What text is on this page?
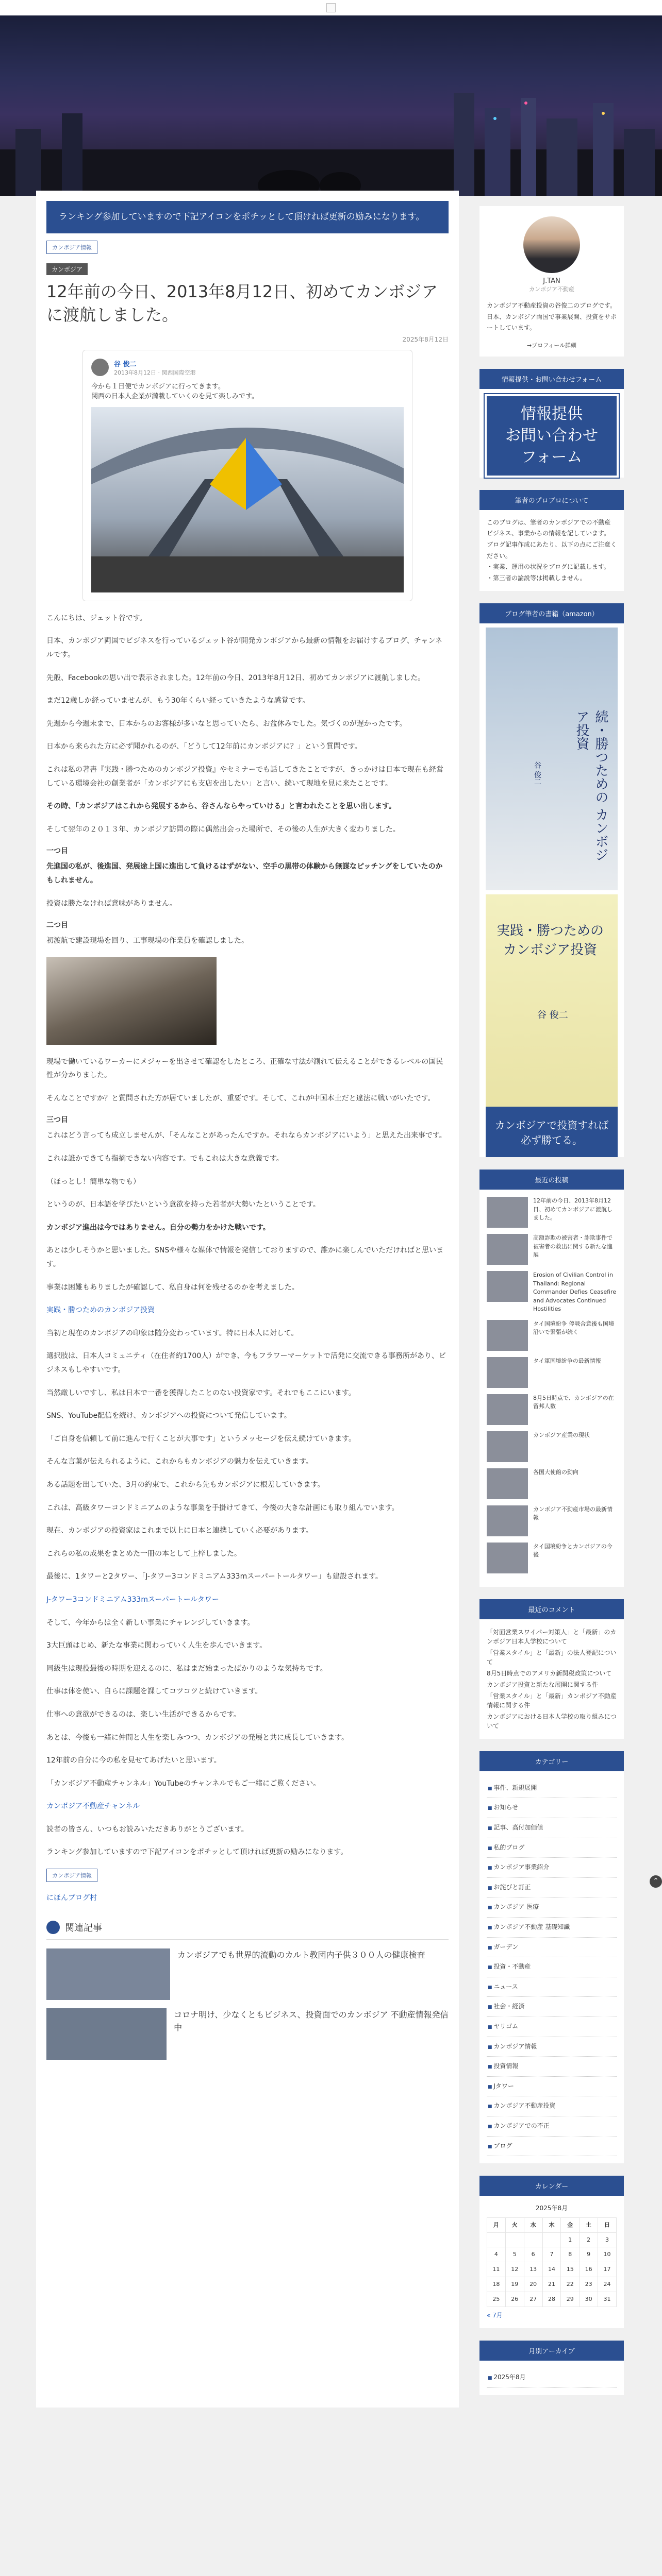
ランキング参加していますので下記アイコンをポチッとして頂ければ更新の励みになります。
カンボジア情報
カンボジア
12年前の今日、2013年8月12日、初めてカンボジアに渡航しました。
2025年8月12日
谷 俊二
2013年8月12日 · 関西国際空港
今から１日便でカンボジアに行ってきます。
関西の日本人企業が満載していくのを見て楽しみです。

こんにちは、ジェット谷です。

日本、カンボジア両国でビジネスを行っているジェット谷が開発カンボジアから最新の情報をお届けするブログ、チャンネルです。

先般、Facebookの思い出で表示されました。12年前の今日、2013年8月12日、初めてカンボジアに渡航しました。

まだ12歳しか経っていませんが、もう30年くらい経っていきたような感覚です。

先週から今週末まで、日本からのお客様が多いなと思っていたら、お盆休みでした。気づくのが遅かったです。

日本から来られた方に必ず聞かれるのが、「どうして12年前にカンボジアに？」という質問です。

これは私の著書『実践・勝つためのカンボジア投資』やセミナーでも話してきたことですが、きっかけは日本で現在も経営している環境会社の創業者が「カンボジアにも支店を出したい」と言い、続いて現地を見に来たことです。

その時、「カンボジアはこれから発展するから、谷さんならやっていける」と言われたことを思い出します。

そして翌年の２０１３年、カンボジア訪問の際に偶然出会った場所で、その後の人生が大きく変わりました。

一つ目

先進国の私が、後進国、発展途上国に進出して負けるはずがない、空手の黒帯の体験から無謀なピッチングをしていたのかもしれません。

投資は勝たなければ意味がありません。

二つ目

初渡航で建設現場を回り、工事現場の作業員を確認しました。

現場で働いているワーカーにメジャーを出させて確認をしたところ、正確な寸法が測れて伝えることができるレベルの国民性が分かりました。

そんなことですか？と質問された方が居ていましたが、重要です。そして、これが中国本土だと違法に戦いがいたです。

三つ目

これはどう言っても成立しませんが、「そんなことがあったんですか。それならカンボジアにいよう」と思えた出来事です。

これは誰かできても指摘できない内容です。でもこれは大きな意義です。

（ほっとし！簡単な物でも）

というのが、日本語を学びたいという意欲を持った若者が大勢いたということです。

カンボジア進出は今ではありません。自分の勢力をかけた戦いです。

あとは少しそうかと思いました。SNSや様々な媒体で情報を発信しておりますので、誰かに楽しんでいただければと思います。

事業は困難もありましたが確認して、私自身は何を残せるのかを考えました。

実践・勝つためのカンボジア投資

当初と現在のカンボジアの印象は随分変わっています。特に日本人に対して。

選択肢は、日本人コミュニティ（在住者約1700人）ができ、今もフラワーマーケットで活発に交流できる事務所があり、ビジネスもしやすいです。

当然厳しいですし、私は日本で一番を獲得したことのない投資家です。それでもここにいます。

SNS、YouTube配信を続け、カンボジアへの投資について発信しています。

「ご自身を信頼して前に進んで行くことが大事です」というメッセージを伝え続けていきます。

そんな言葉が伝えられるように、これからもカンボジアの魅力を伝えていきます。

ある話題を出していた、3月の約束で、これから先もカンボジアに根差していきます。

これは、高級タワーコンドミニアムのような事業を手掛けてきて、今後の大きな計画にも取り組んでいます。

現在、カンボジアの投資家はこれまで以上に日本と連携していく必要があります。

これらの私の成果をまとめた一冊の本として上梓しました。

最後に、1タワーと2タワー、「J-タワー3コンドミニアム333mスーパートールタワー」も建設されます。

J-タワー3コンドミニアム333mスーパートールタワー

そして、今年からは全く新しい事業にチャレンジしていきます。

3大巨頭はじめ、新たな事業に関わっていく人生を歩んでいきます。

同級生は現役最後の時期を迎えるのに、私はまだ始まったばかりのような気持ちです。

仕事は体を使い、自らに課題を課してコツコツと続けていきます。

仕事への意欲ができるのは、楽しい生活ができるからです。

あとは、今後も一緒に仲間と人生を楽しみつつ、カンボジアの発展と共に成長していきます。

12年前の自分に今の私を見せてあげたいと思います。

「カンボジア不動産チャンネル」YouTubeのチャンネルでもご一緒にご覧ください。

カンボジア不動産チャンネル

読者の皆さん、いつもお読みいただきありがとうございます。

ランキング参加していますので下記アイコンをポチッとして頂ければ更新の励みになります。

カンボジア情報

にほんブログ村

関連記事
カンボジアでも世界的流動のカルト教団内子供３００人の健康検査
コロナ明け、少なくともビジネス、投資面でのカンボジア 不動産情報発信中
J.TAN
カンボジア不動産
カンボジア不動産投資の谷俊二のブログです。日本、カンボジア両国で事業展開、投資をサポートしています。
→プロフィール詳細
情報提供・お問い合わせフォーム
情報提供
お問い合わせ
フォーム
筆者のプロブロについて
このブログは、筆者のカンボジアでの不動産ビジネス、事業からの情報を記しています。
ブログ記事作成にあたり、以下の点にご注意ください。
・実業、運用の状況をブログに記載します。
・第三者の論説等は掲載しません。
ブログ筆者の書籍（amazon）
続・勝つための カンボジア投資
谷 俊二
実践・勝つための カンボジア投資
谷 俊二
カンボジアで投資すれば必ず勝てる。
最近の投稿
12年前の今日、2013年8月12日、初めてカンボジアに渡航しました。
高額詐欺の被害者・詐欺事件で被害者の救出に関する新たな進展
Erosion of Civilian Control in Thailand: Regional Commander Defies Ceasefire and Advocates Continued Hostilities
タイ国境紛争 停戦合意後も国境沿いで緊張が続く
タイ軍国境紛争の最新情報
8月5日時点で、カンボジアの在留邦人数
カンボジア産業の現状
各国大使館の動向
カンボジア不動産市場の最新情報
タイ国境紛争とカンボジアの今後
最近のコメント
「対面営業スワイパー対策人」と「最新」のカンボジア日本人学校について
「営業スタイル」と「最新」の法人登記について
8月5日時点でのアメリカ新関税政策について
カンボジア投資と新たな展開に関する件
「営業スタイル」と「最新」カンボジア不動産情報に関する件
カンボジアにおける日本人学校の取り組みについて
カテゴリー
■ 事件、新規展開
■ お知らせ
■ 記事、高付加価値
■ 私的ブログ
■ カンボジア事業紹介
■ お詫びと訂正
■ カンボジア 医療
■ カンボジア不動産 基礎知識
■ ガーデン
■ 投資・不動産
■ ニュース
■ 社会・経済
■ ヤリゴム
■ カンボジア情報
■ 投資情報
■ Jタワー
■ カンボジア不動産投資
■ カンボジアでの不正
■ ブログ
カレンダー
2025年8月
月	火	水	木	金	土	日
				1	2	3
4	5	6	7	8	9	10
11	12	13	14	15	16	17
18	19	20	21	22	23	24
25	26	27	28	29	30	31
« 7月
月別アーカイブ
■ 2025年8月
⌃
